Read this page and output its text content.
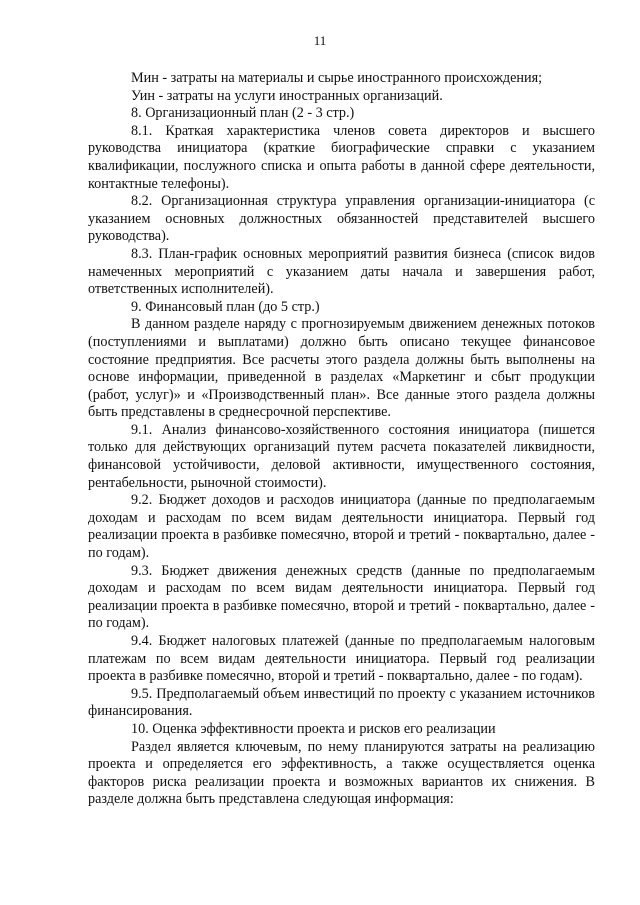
11

Мин - затраты на материалы и сырье иностранного происхождения;

Уин - затраты на услуги иностранных организаций.

8. Организационный план (2 - 3 стр.)

8.1. Краткая характеристика членов совета директоров и высшего руководства инициатора (краткие биографические справки с указанием квалификации, послужного списка и опыта работы в данной сфере деятельности, контактные телефоны).

8.2. Организационная структура управления организации-инициатора (с указанием основных должностных обязанностей представителей высшего руководства).

8.3. План-график основных мероприятий развития бизнеса (список видов намеченных мероприятий с указанием даты начала и завершения работ, ответственных исполнителей).

9. Финансовый план (до 5 стр.)

В данном разделе наряду с прогнозируемым движением денежных потоков (поступлениями и выплатами) должно быть описано текущее финансовое состояние предприятия. Все расчеты этого раздела должны быть выполнены на основе информации, приведенной в разделах «Маркетинг и сбыт продукции (работ, услуг)» и «Производственный план». Все данные этого раздела должны быть представлены в среднесрочной перспективе.

9.1. Анализ финансово-хозяйственного состояния инициатора (пишется только для действующих организаций путем расчета показателей ликвидности, финансовой устойчивости, деловой активности, имущественного состояния, рентабельности, рыночной стоимости).

9.2. Бюджет доходов и расходов инициатора (данные по предполагаемым доходам и расходам по всем видам деятельности инициатора. Первый год реализации проекта в разбивке помесячно, второй и третий - поквартально, далее - по годам).

9.3. Бюджет движения денежных средств (данные по предполагаемым доходам и расходам по всем видам деятельности инициатора. Первый год реализации проекта в разбивке помесячно, второй и третий - поквартально, далее - по годам).

9.4. Бюджет налоговых платежей (данные по предполагаемым налоговым платежам по всем видам деятельности инициатора. Первый год реализации проекта в разбивке помесячно, второй и третий - поквартально, далее - по годам).

9.5. Предполагаемый объем инвестиций по проекту с указанием источников финансирования.

10. Оценка эффективности проекта и рисков его реализации

Раздел является ключевым, по нему планируются затраты на реализацию проекта и определяется его эффективность, а также осуществляется оценка факторов риска реализации проекта и возможных вариантов их снижения. В разделе должна быть представлена следующая информация:
